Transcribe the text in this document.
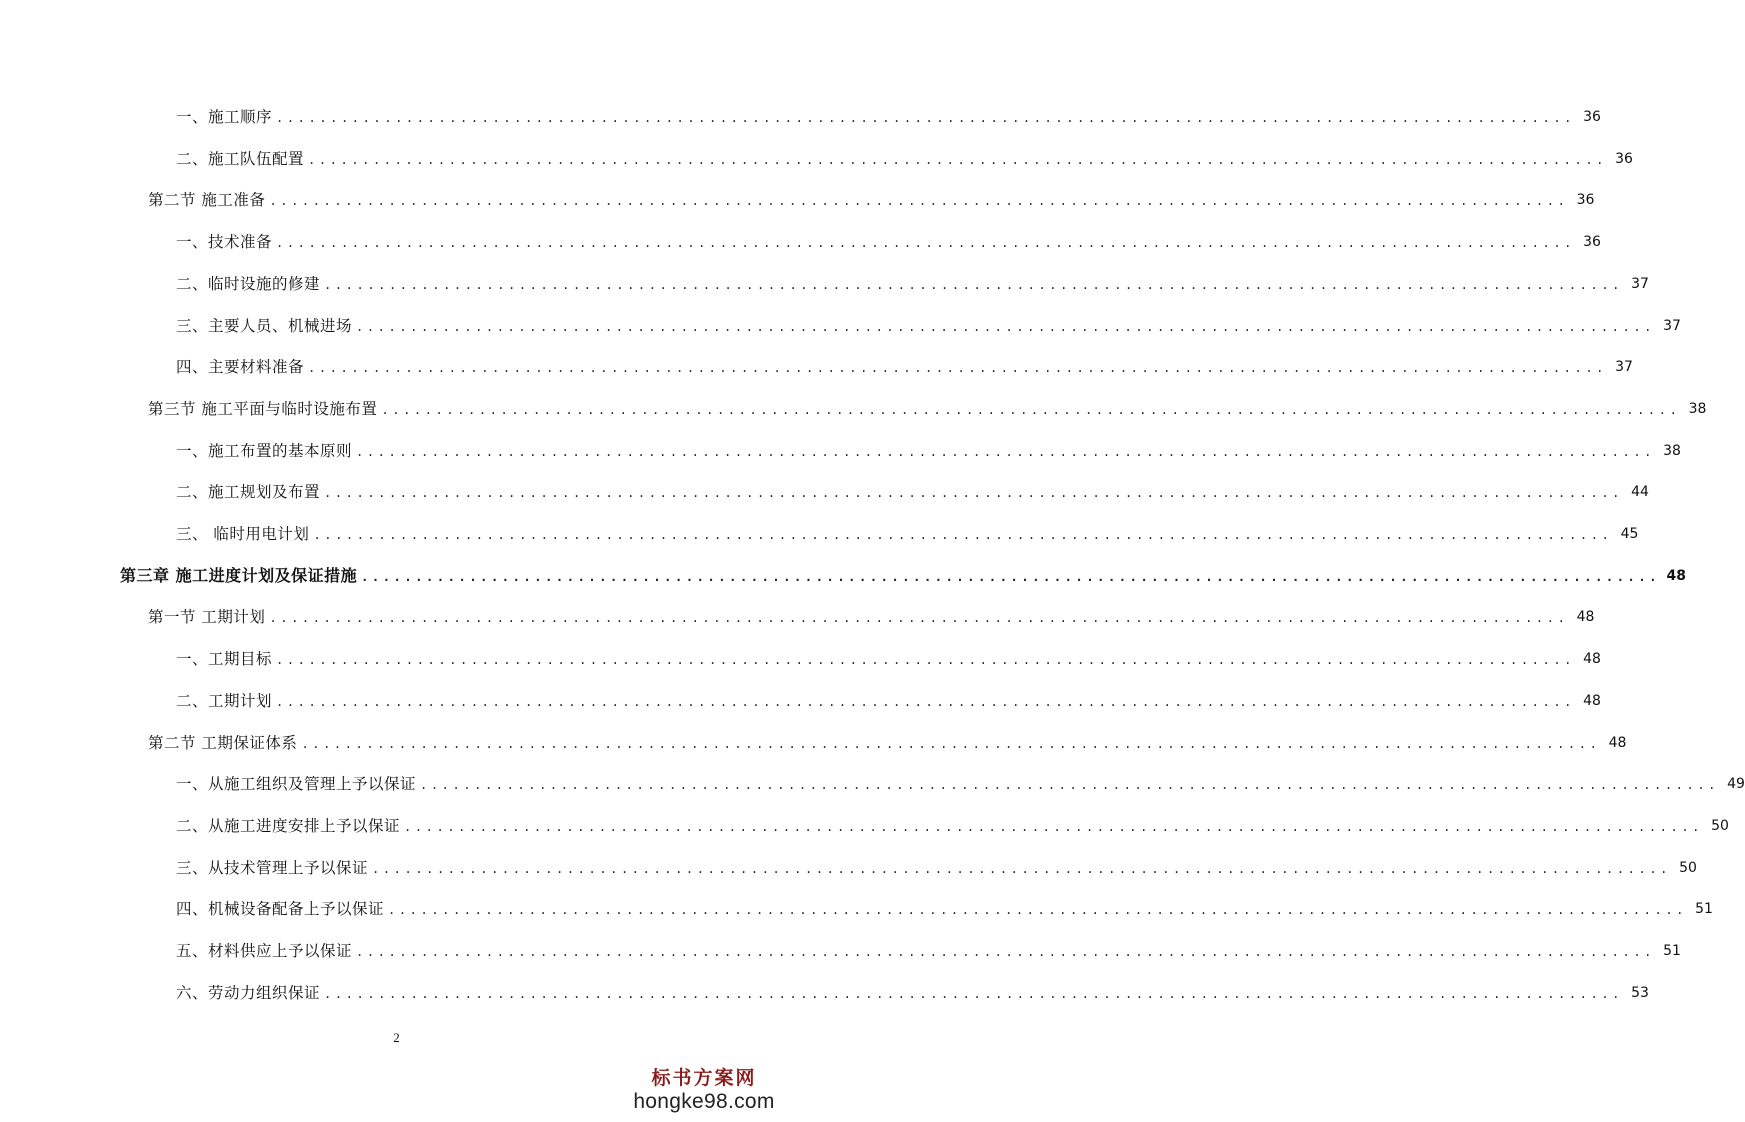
一、施工顺序 ........................................................................................................................ 36
二、施工队伍配置 ........................................................................................................................ 36
第二节 施工准备 ........................................................................................................................ 36
一、技术准备 ........................................................................................................................ 36
二、临时设施的修建 ........................................................................................................................ 37
三、主要人员、机械进场 ........................................................................................................................ 37
四、主要材料准备 ........................................................................................................................ 37
第三节 施工平面与临时设施布置 ........................................................................................................................ 38
一、施工布置的基本原则 ........................................................................................................................ 38
二、施工规划及布置 ........................................................................................................................ 44
三、 临时用电计划 ........................................................................................................................ 45
第三章 施工进度计划及保证措施 ........................................................................................................................ 48
第一节 工期计划 ........................................................................................................................ 48
一、工期目标 ........................................................................................................................ 48
二、工期计划 ........................................................................................................................ 48
第二节 工期保证体系 ........................................................................................................................ 48
一、从施工组织及管理上予以保证 ........................................................................................................................ 49
二、从施工进度安排上予以保证 ........................................................................................................................ 50
三、从技术管理上予以保证 ........................................................................................................................ 50
四、机械设备配备上予以保证 ........................................................................................................................ 51
五、材料供应上予以保证 ........................................................................................................................ 51
六、劳动力组织保证 ........................................................................................................................ 53
2
标书方案网
hongke98.com
